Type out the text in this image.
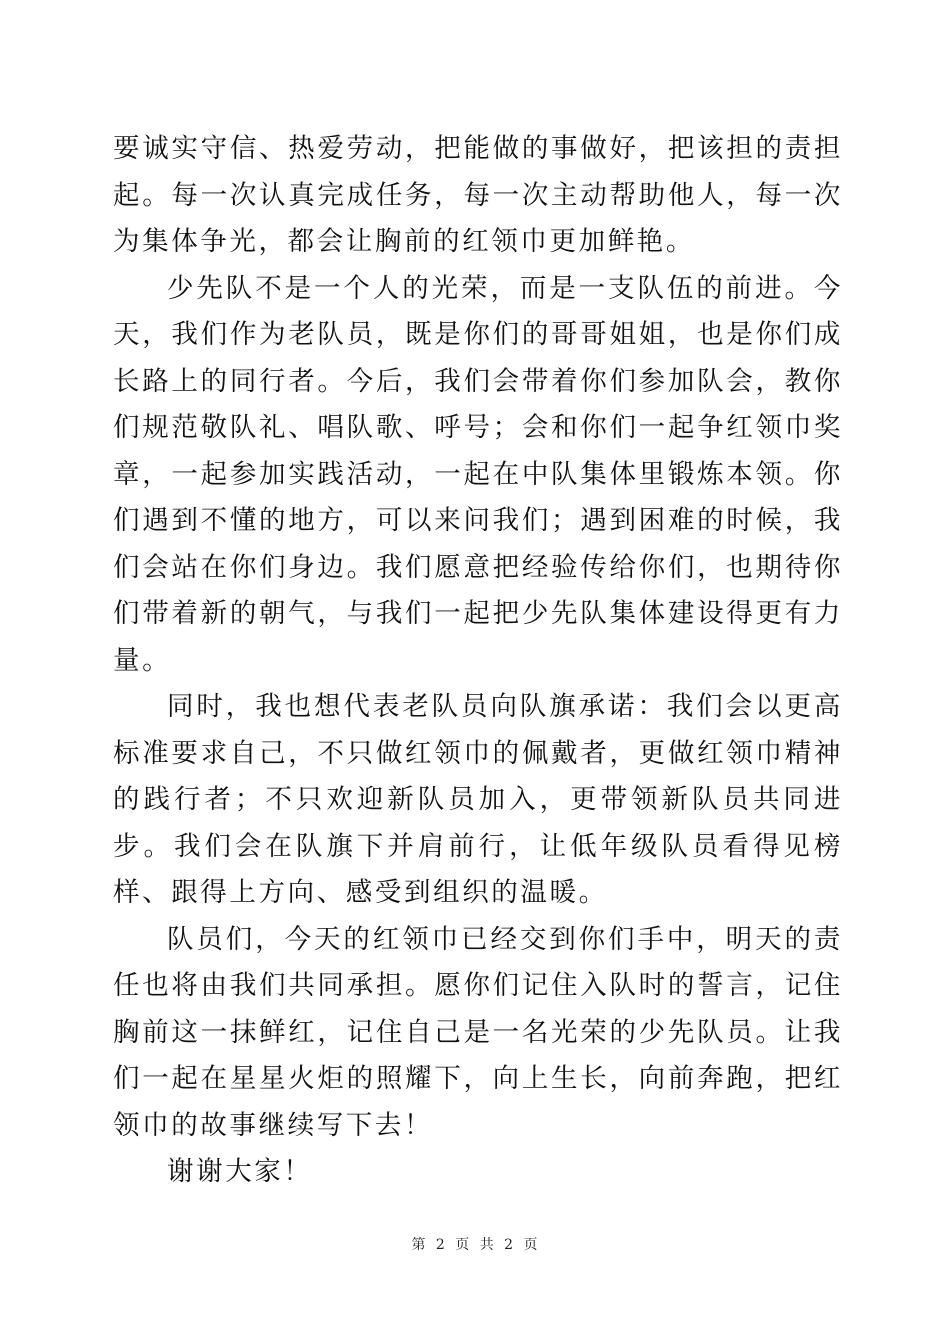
要诚实守信、热爱劳动，把能做的事做好，把该担的责担起。每一次认真完成任务，每一次主动帮助他人，每一次为集体争光，都会让胸前的红领巾更加鲜艳。

少先队不是一个人的光荣，而是一支队伍的前进。今天，我们作为老队员，既是你们的哥哥姐姐，也是你们成长路上的同行者。今后，我们会带着你们参加队会，教你们规范敬队礼、唱队歌、呼号；会和你们一起争红领巾奖章，一起参加实践活动，一起在中队集体里锻炼本领。你们遇到不懂的地方，可以来问我们；遇到困难的时候，我们会站在你们身边。我们愿意把经验传给你们，也期待你们带着新的朝气，与我们一起把少先队集体建设得更有力量。

同时，我也想代表老队员向队旗承诺：我们会以更高标准要求自己，不只做红领巾的佩戴者，更做红领巾精神的践行者；不只欢迎新队员加入，更带领新队员共同进步。我们会在队旗下并肩前行，让低年级队员看得见榜样、跟得上方向、感受到组织的温暖。

队员们，今天的红领巾已经交到你们手中，明天的责任也将由我们共同承担。愿你们记住入队时的誓言，记住胸前这一抹鲜红，记住自己是一名光荣的少先队员。让我们一起在星星火炬的照耀下，向上生长，向前奔跑，把红领巾的故事继续写下去！

谢谢大家！

第 2 页 共 2 页
